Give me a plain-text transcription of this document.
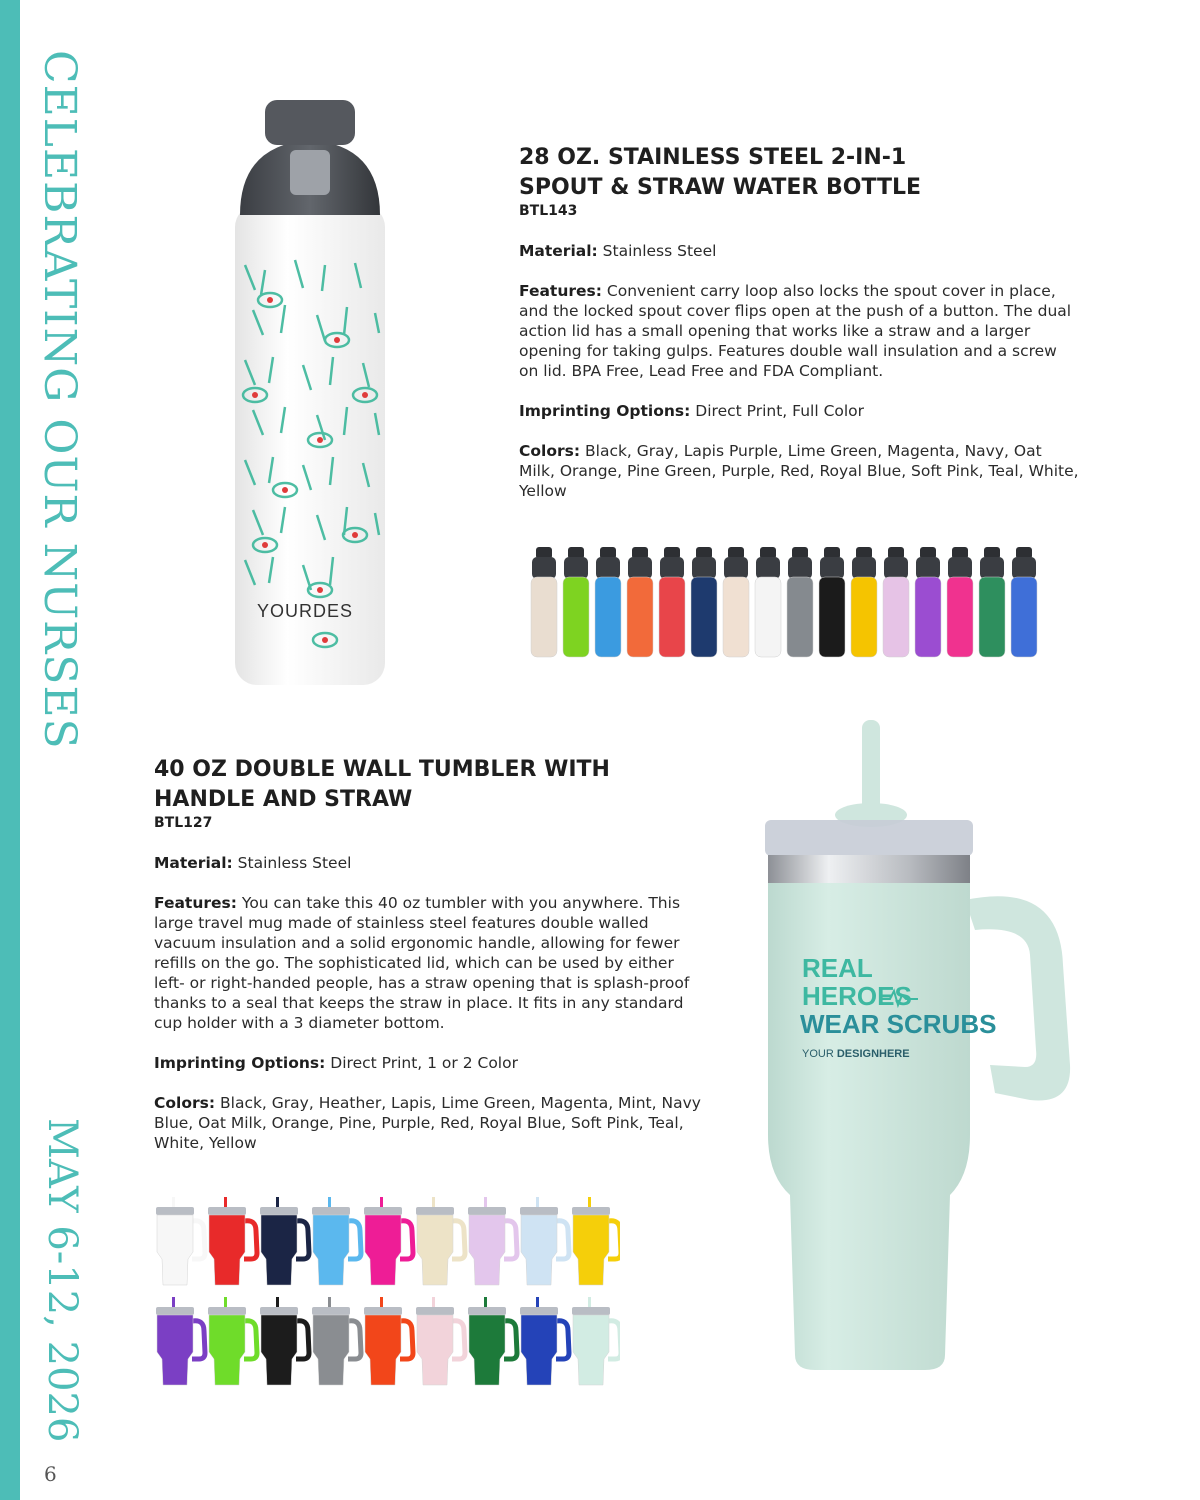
CELEBRATING OUR NURSES
MAY 6-12, 2026
6
YOURDES
28 OZ. STAINLESS STEEL 2-IN-1
SPOUT & STRAW WATER BOTTLE
BTL143

Material: Stainless Steel

Features: Convenient carry loop also locks the spout cover in place, and the locked spout cover flips open at the push of a button. The dual action lid has a small opening that works like a straw and a larger opening for taking gulps. Features double wall insulation and a screw on lid. BPA Free, Lead Free and FDA Compliant.

Imprinting Options: Direct Print, Full Color

Colors: Black, Gray, Lapis Purple, Lime Green, Magenta, Navy, Oat Milk, Orange, Pine Green, Purple, Red, Royal Blue, Soft Pink, Teal, White, Yellow

40 OZ DOUBLE WALL TUMBLER WITH
HANDLE AND STRAW
BTL127

Material: Stainless Steel

Features: You can take this 40 oz tumbler with you anywhere. This large travel mug made of stainless steel features double walled vacuum insulation and a solid ergonomic handle, allowing for fewer refills on the go. The sophisticated lid, which can be used by either left- or right-handed people, has a straw opening that is splash-proof thanks to a seal that keeps the straw in place. It fits in any standard cup holder with a 3 diameter bottom.

Imprinting Options: Direct Print, 1 or 2 Color

Colors: Black, Gray, Heather, Lapis, Lime Green, Magenta, Mint, Navy Blue, Oat Milk, Orange, Pine, Purple, Red, Royal Blue, Soft Pink, Teal, White, Yellow

REAL
HEROES
WEAR SCRUBS
YOUR DESIGNHERE
